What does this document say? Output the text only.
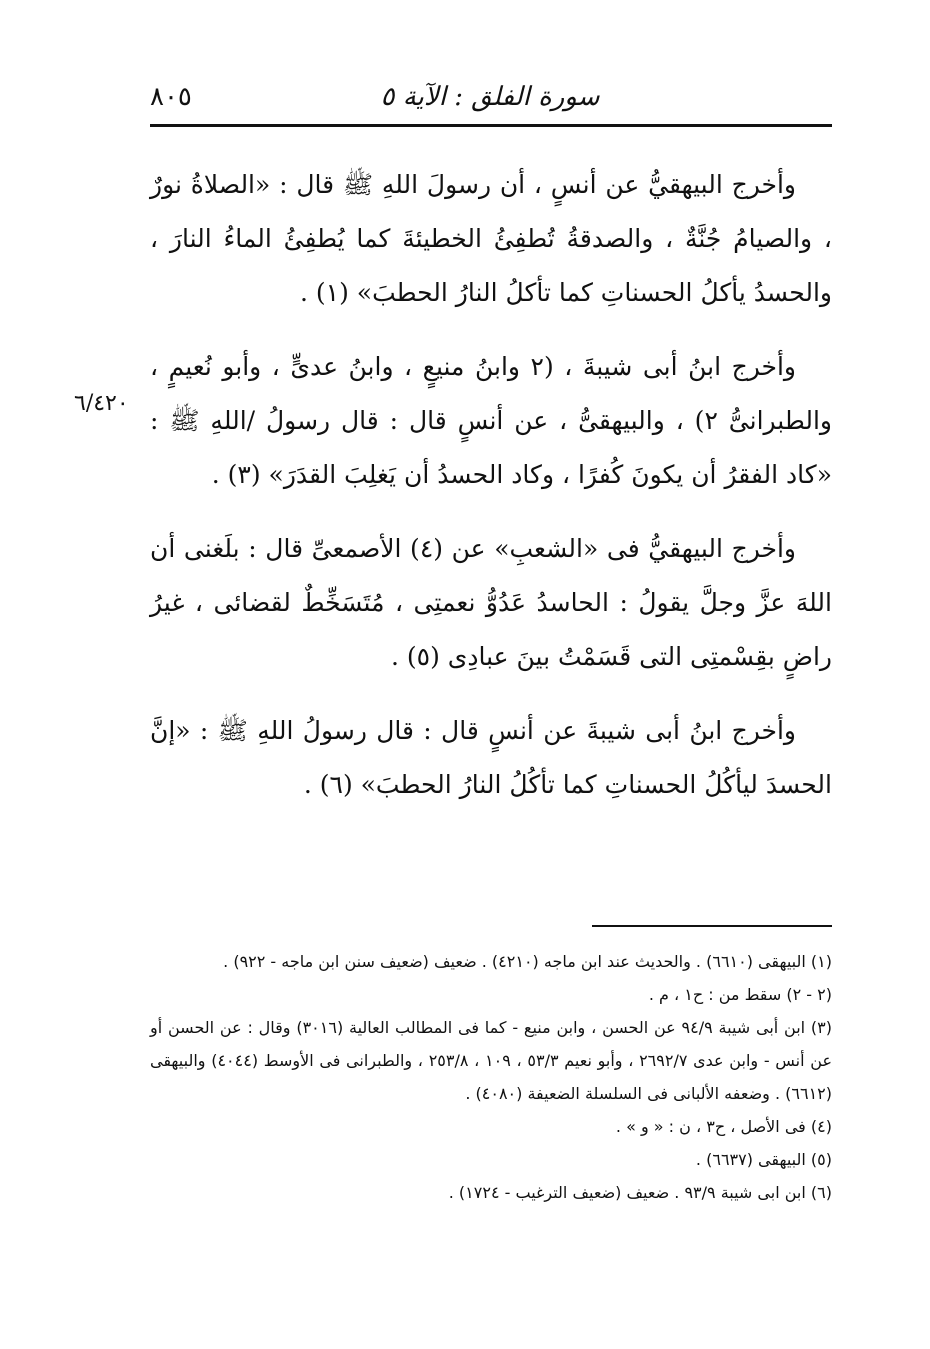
٨٠٥	سورة الفلق : الآية ٥
٦/٤٢٠

وأخرج البيهقيُّ عن أنسٍ ، أن رسولَ اللهِ ﷺ قال : «الصلاةُ نورٌ ، والصيامُ جُنَّةٌ ، والصدقةُ تُطفِئُ الخطيئةَ كما يُطفِئُ الماءُ النارَ ، والحسدُ يأكلُ الحسناتِ كما تأكلُ النارُ الحطبَ» (١) .

وأخرج ابنُ أبى شيبةَ ، (٢ وابنُ منيعٍ ، وابنُ عدىٍّ ، وأبو نُعيمٍ ، والطبرانىُّ ٢) ، والبيهقىُّ ، عن أنسٍ قال : قال رسولُ /اللهِ ﷺ : «كاد الفقرُ أن يكونَ كُفرًا ، وكاد الحسدُ أن يَغلِبَ القدَرَ» (٣) .

وأخرج البيهقيُّ فى «الشعبِ» عن (٤) الأصمعىِّ قال : بلَغنى أن اللهَ عزَّ وجلَّ يقولُ : الحاسدُ عَدُوُّ نعمتِى ، مُتَسَخِّطٌ لقضائى ، غيرُ راضٍ بقِسْمتِى التى قَسَمْتُ بينَ عبادِى (٥) .

وأخرج ابنُ أبى شيبةَ عن أنسٍ قال : قال رسولُ اللهِ ﷺ : «إنَّ الحسدَ ليأكُلُ الحسناتِ كما تأكُلُ النارُ الحطبَ» (٦) .

(١) البيهقى (٦٦١٠) . والحديث عند ابن ماجه (٤٢١٠) . ضعيف (ضعيف سنن ابن ماجه - ٩٢٢) .

(٢ - ٢) سقط من : ح١ ، م .

(٣) ابن أبى شيبة ٩٤/٩ عن الحسن ، وابن منيع - كما فى المطالب العالية (٣٠١٦) وقال : عن الحسن أو عن أنس - وابن عدى ٢٦٩٢/٧ ، وأبو نعيم ٥٣/٣ ، ١٠٩ ، ٢٥٣/٨ ، والطبرانى فى الأوسط (٤٠٤٤) والبيهقى (٦٦١٢) . وضعفه الألبانى فى السلسلة الضعيفة (٤٠٨٠) .

(٤) فى الأصل ، ح٣ ، ن : « و » .

(٥) البيهقى (٦٦٣٧) .

(٦) ابن ابى شيبة ٩٣/٩ . ضعيف (ضعيف الترغيب - ١٧٢٤) .
